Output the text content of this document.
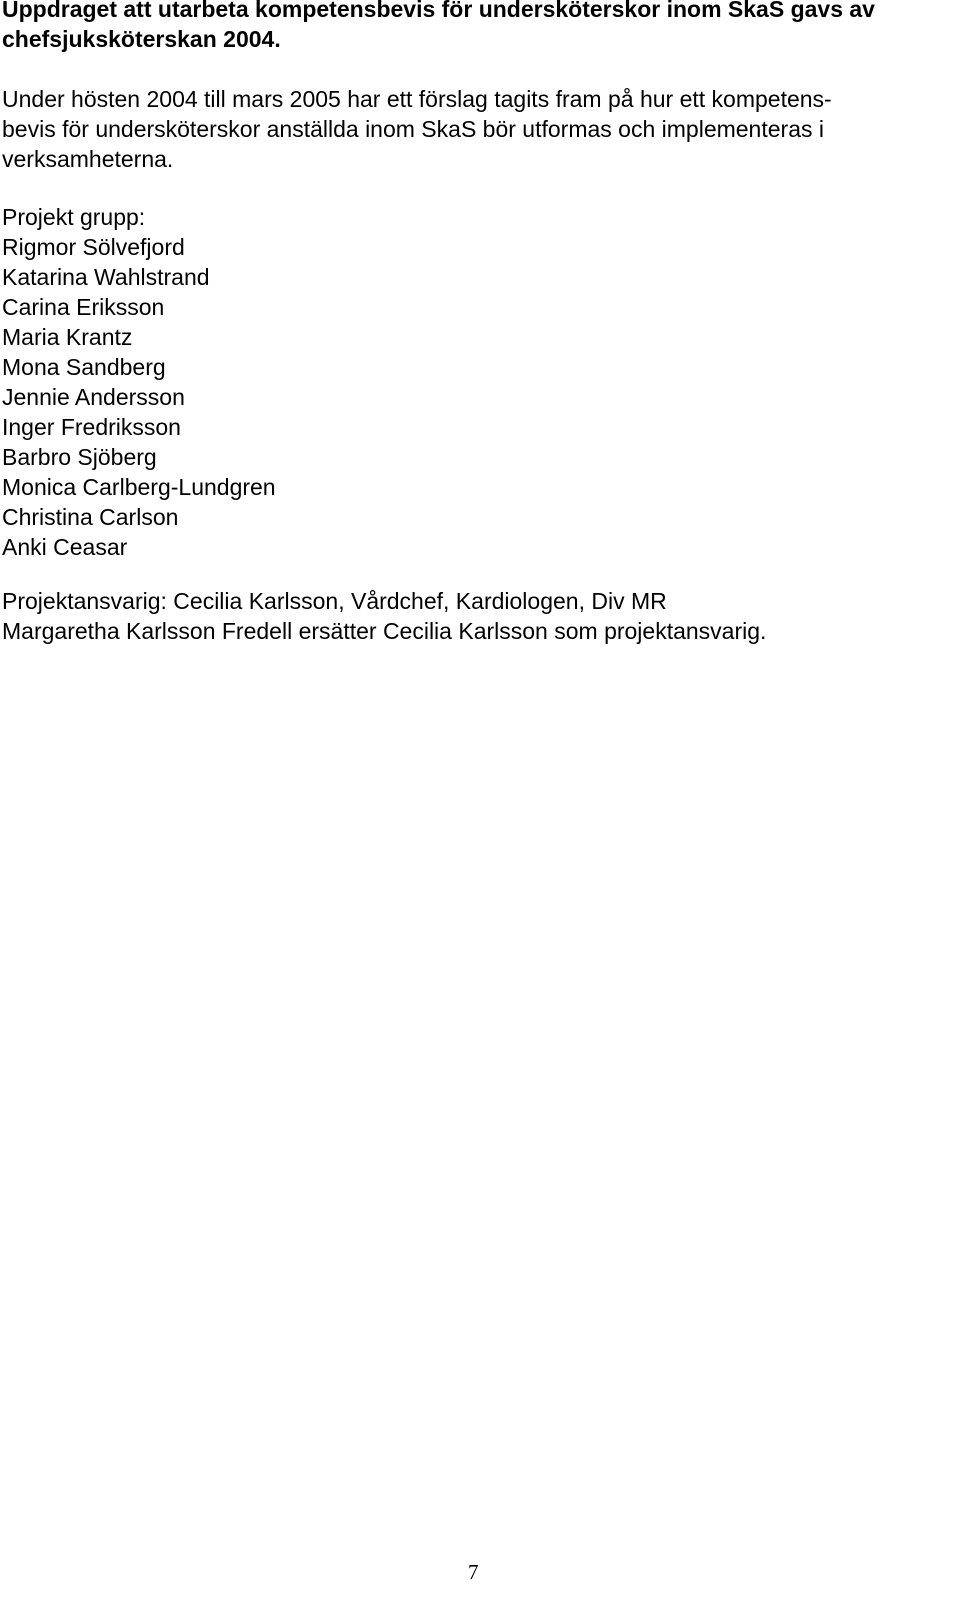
Uppdraget att utarbeta kompetensbevis för undersköterskor inom SkaS gavs av chefsjuksköterskan 2004.

Under hösten 2004 till mars 2005 har ett förslag tagits fram på hur ett kompetens-
bevis för undersköterskor anställda inom SkaS bör utformas och implementeras i
verksamheterna.

Projekt grupp:
Rigmor Sölvefjord
Katarina Wahlstrand
Carina Eriksson
Maria Krantz
Mona Sandberg
Jennie Andersson
Inger Fredriksson
Barbro Sjöberg
Monica Carlberg-Lundgren
Christina Carlson
Anki Ceasar

Projektansvarig: Cecilia Karlsson, Vårdchef, Kardiologen, Div MR
Margaretha Karlsson Fredell ersätter Cecilia Karlsson som projektansvarig.

7
